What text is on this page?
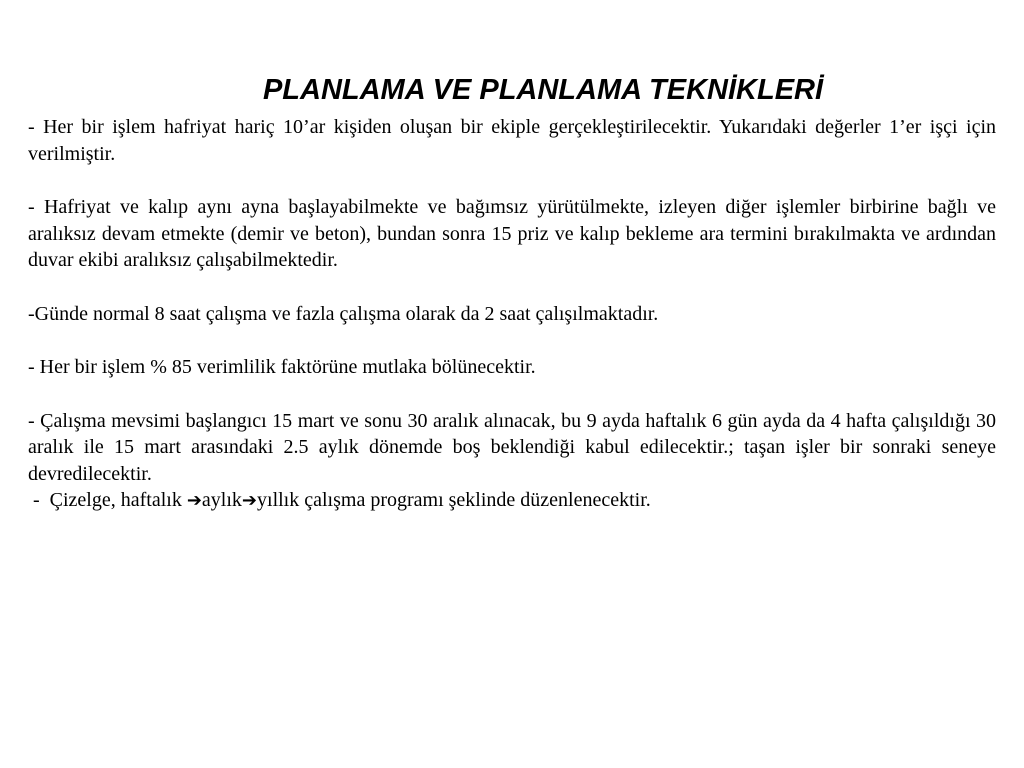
PLANLAMA VE PLANLAMA TEKNİKLERİ

- Her bir işlem hafriyat hariç 10’ar kişiden oluşan bir ekiple gerçekleştirilecektir. Yukarıdaki değerler 1’er işçi için verilmiştir.

- Hafriyat ve kalıp aynı ayna başlayabilmekte ve bağımsız yürütülmekte, izleyen diğer işlemler birbirine bağlı ve aralıksız devam etmekte (demir ve beton), bundan sonra 15 priz ve kalıp bekleme ara termini bırakılmakta ve ardından duvar ekibi aralıksız çalışabilmektedir.

-Günde normal 8 saat çalışma ve fazla çalışma olarak da 2 saat çalışılmaktadır.

- Her bir işlem % 85 verimlilik faktörüne mutlaka bölünecektir.

- Çalışma mevsimi başlangıcı 15 mart ve sonu 30 aralık alınacak, bu 9 ayda haftalık 6 gün ayda da 4 hafta çalışıldığı 30 aralık ile 15 mart arasındaki 2.5 aylık dönemde boş beklendiği kabul edilecektir.; taşan işler bir sonraki seneye devredilecektir.

-  Çizelge, haftalık ➔aylık➔yıllık çalışma programı şeklinde düzenlenecektir.
